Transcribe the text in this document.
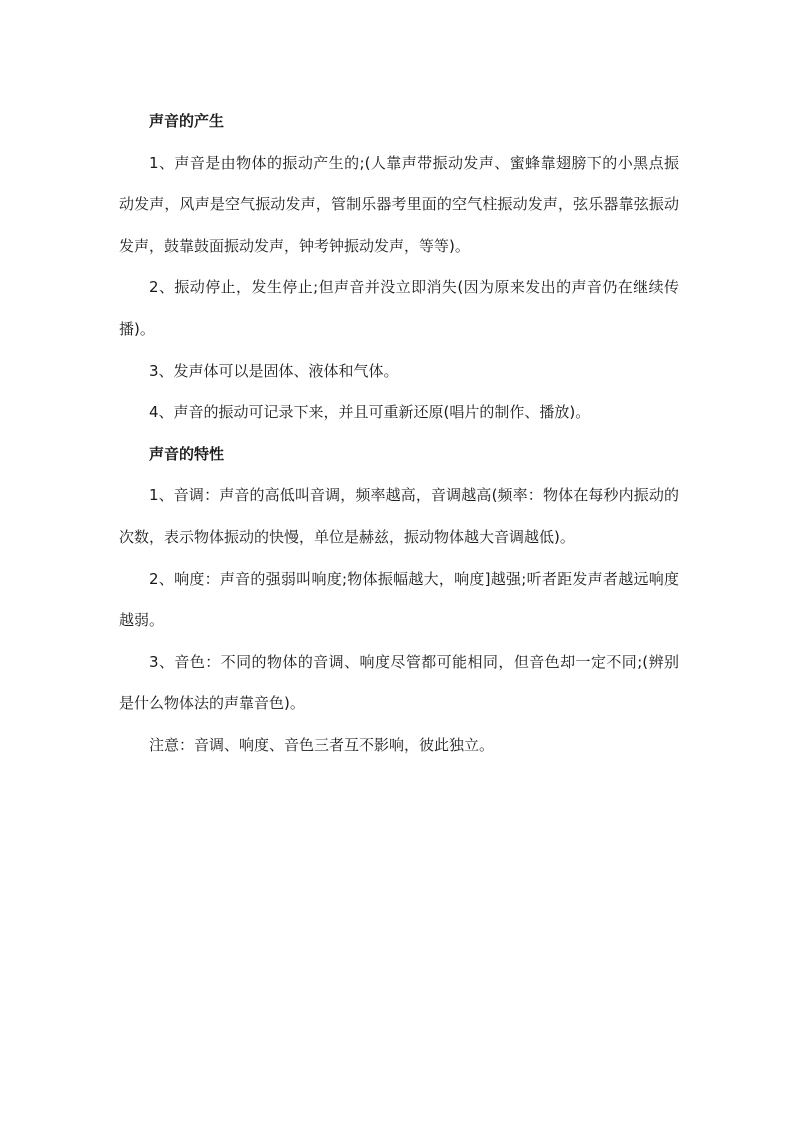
声音的产生

1、声音是由物体的振动产生的;(人靠声带振动发声、蜜蜂靠翅膀下的小黑点振动发声，风声是空气振动发声，管制乐器考里面的空气柱振动发声，弦乐器靠弦振动发声，鼓靠鼓面振动发声，钟考钟振动发声，等等)。

2、振动停止，发生停止;但声音并没立即消失(因为原来发出的声音仍在继续传播)。

3、发声体可以是固体、液体和气体。

4、声音的振动可记录下来，并且可重新还原(唱片的制作、播放)。

声音的特性

1、音调：声音的高低叫音调，频率越高，音调越高(频率：物体在每秒内振动的次数，表示物体振动的快慢，单位是赫兹，振动物体越大音调越低)。

2、响度：声音的强弱叫响度;物体振幅越大，响度]越强;听者距发声者越远响度越弱。

3、音色：不同的物体的音调、响度尽管都可能相同，但音色却一定不同;(辨别是什么物体法的声靠音色)。

注意：音调、响度、音色三者互不影响，彼此独立。
